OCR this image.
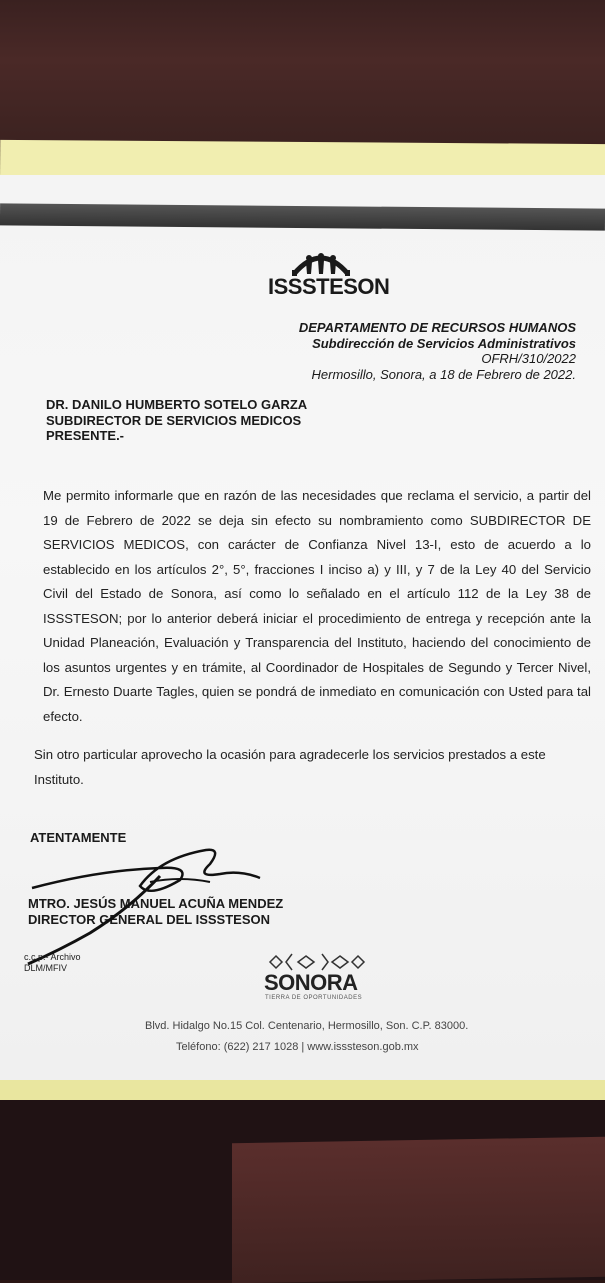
ISSSTESON
DEPARTAMENTO DE RECURSOS HUMANOS
Subdirección de Servicios Administrativos
OFRH/310/2022
Hermosillo, Sonora, a 18 de Febrero de 2022.
DR. DANILO HUMBERTO SOTELO GARZA
SUBDIRECTOR DE SERVICIOS MEDICOS
PRESENTE.-
Me permito informarle que en razón de las necesidades que reclama el servicio, a partir del 19 de Febrero de 2022 se deja sin efecto su nombramiento como SUBDIRECTOR DE SERVICIOS MEDICOS, con carácter de Confianza Nivel 13-I, esto de acuerdo a lo establecido en los artículos 2°, 5°, fracciones I inciso a) y III, y 7 de la Ley 40 del Servicio Civil del Estado de Sonora, así como lo señalado en el artículo 112 de la Ley 38 de ISSSTESON; por lo anterior deberá iniciar el procedimiento de entrega y recepción ante la Unidad Planeación, Evaluación y Transparencia del Instituto, haciendo del conocimiento de los asuntos urgentes y en trámite, al Coordinador de Hospitales de Segundo y Tercer Nivel, Dr. Ernesto Duarte Tagles, quien se pondrá de inmediato en comunicación con Usted para tal efecto.
Sin otro particular aprovecho la ocasión para agradecerle los servicios prestados a este Instituto.
ATENTAMENTE
MTRO. JESÚS MANUEL ACUÑA MENDEZ
DIRECTOR GENERAL DEL ISSSTESON
c.c.p.- Archivo
DLM/MFIV
SONORA
TIERRA DE OPORTUNIDADES
Blvd. Hidalgo No.15 Col. Centenario, Hermosillo, Son. C.P. 83000.
Teléfono: (622) 217 1028 | www.isssteson.gob.mx
